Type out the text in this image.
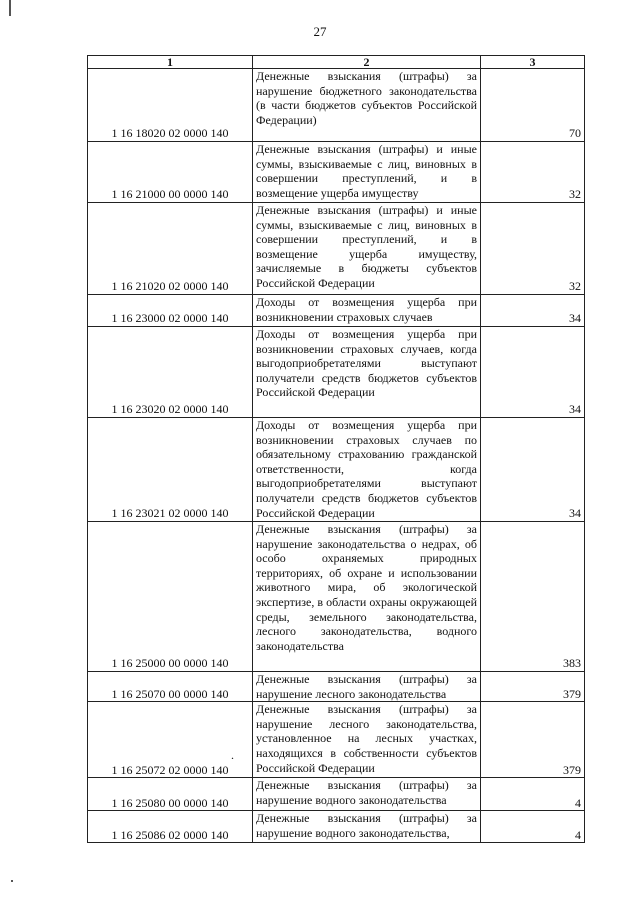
27
1	2	3
1 16 18020 02 0000 140	Денежные взыскания (штрафы) за нарушение бюджетного законодательства (в части бюджетов субъектов Российской Федерации)	70
1 16 21000 00 0000 140	Денежные взыскания (штрафы) и иные суммы, взыскиваемые с лиц, виновных в совершении преступлений, и в возмещение ущерба имуществу	32
1 16 21020 02 0000 140	Денежные взыскания (штрафы) и иные суммы, взыскиваемые с лиц, виновных в совершении преступлений, и в возмещение ущерба имуществу, зачисляемые в бюджеты субъектов Российской Федерации	32
1 16 23000 02 0000 140	Доходы от возмещения ущерба при возникновении страховых случаев	34
1 16 23020 02 0000 140	Доходы от возмещения ущерба при возникновении страховых случаев, когда выгодоприобретателями выступают получатели средств бюджетов субъектов Российской Федерации	34
1 16 23021 02 0000 140	Доходы от возмещения ущерба при возникновении страховых случаев по обязательному страхованию гражданской ответственности, когда выгодоприобретателями выступают получатели средств бюджетов субъектов Российской Федерации	34
1 16 25000 00 0000 140	Денежные взыскания (штрафы) за нарушение законодательства о недрах, об особо охраняемых природных территориях, об охране и использовании животного мира, об экологической экспертизе, в области охраны окружающей среды, земельного законодательства, лесного законодательства, водного законодательства	383
1 16 25070 00 0000 140	Денежные взыскания (штрафы) за нарушение лесного законодательства	379
1 16 25072 02 0000 140	Денежные взыскания (штрафы) за нарушение лесного законодательства, установленное на лесных участках, находящихся в собственности субъектов Российской Федерации	379
1 16 25080 00 0000 140	Денежные взыскания (штрафы) за нарушение водного законодательства	4
1 16 25086 02 0000 140	Денежные взыскания (штрафы) за нарушение водного законодательства,	4
.
